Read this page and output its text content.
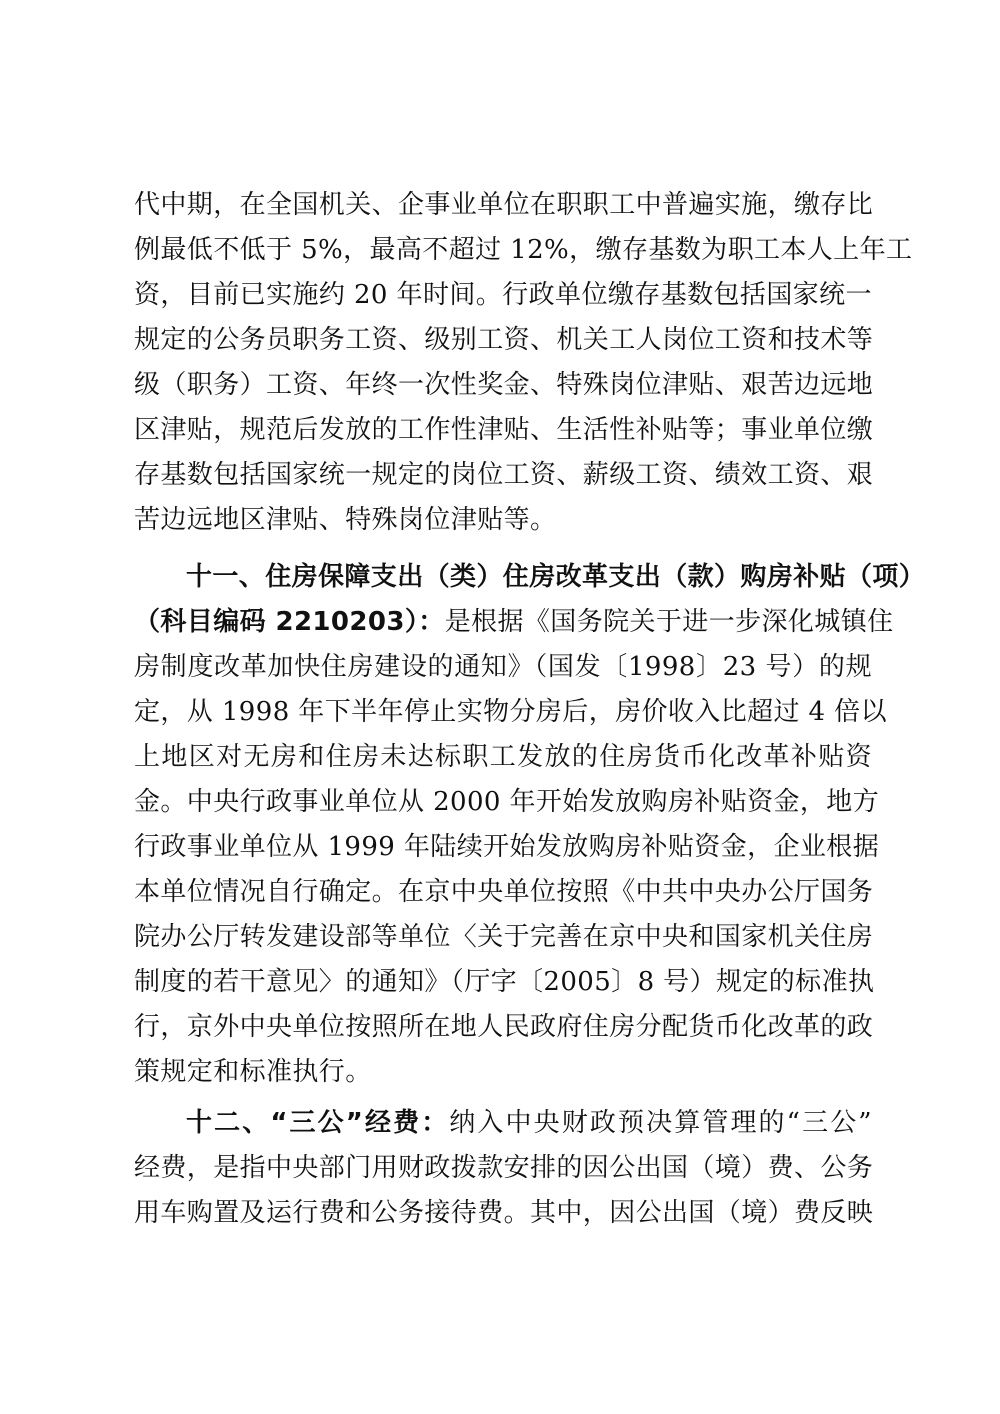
代中期，在全国机关、企事业单位在职职工中普遍实施，缴存比
例最低不低于 5%，最高不超过 12%，缴存基数为职工本人上年工
资，目前已实施约 20 年时间。行政单位缴存基数包括国家统一
规定的公务员职务工资、级别工资、机关工人岗位工资和技术等
级（职务）工资、年终一次性奖金、特殊岗位津贴、艰苦边远地
区津贴，规范后发放的工作性津贴、生活性补贴等；事业单位缴
存基数包括国家统一规定的岗位工资、薪级工资、绩效工资、艰
苦边远地区津贴、特殊岗位津贴等。
十一、住房保障支出（类）住房改革支出（款）购房补贴（项）
（科目编码 2210203）：是根据《国务院关于进一步深化城镇住
房制度改革加快住房建设的通知》（国发〔1998〕23 号）的规
定，从 1998 年下半年停止实物分房后，房价收入比超过 4 倍以
上地区对无房和住房未达标职工发放的住房货币化改革补贴资
金。中央行政事业单位从 2000 年开始发放购房补贴资金，地方
行政事业单位从 1999 年陆续开始发放购房补贴资金，企业根据
本单位情况自行确定。在京中央单位按照《中共中央办公厅国务
院办公厅转发建设部等单位〈关于完善在京中央和国家机关住房
制度的若干意见〉的通知》（厅字〔2005〕8 号）规定的标准执
行，京外中央单位按照所在地人民政府住房分配货币化改革的政
策规定和标准执行。
十二、“三公”经费：纳入中央财政预决算管理的“三公”
经费，是指中央部门用财政拨款安排的因公出国（境）费、公务
用车购置及运行费和公务接待费。其中，因公出国（境）费反映
